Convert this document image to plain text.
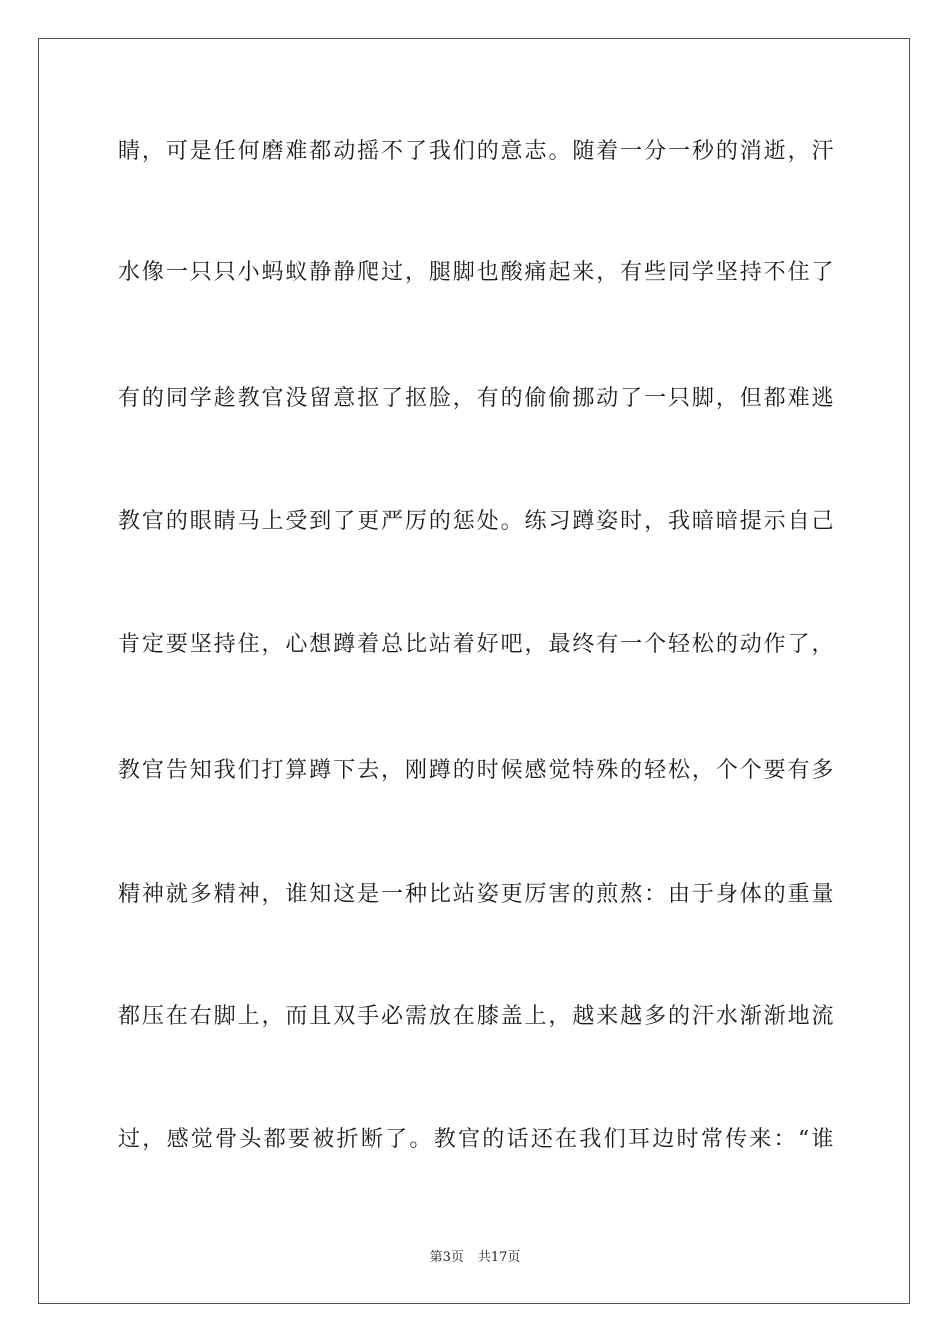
睛，可是任何磨难都动摇不了我们的意志。随着一分一秒的消逝，汗
水像一只只小蚂蚁静静爬过，腿脚也酸痛起来，有些同学坚持不住了
有的同学趁教官没留意抠了抠脸，有的偷偷挪动了一只脚，但都难逃
教官的眼睛马上受到了更严厉的惩处。练习蹲姿时，我暗暗提示自己
肯定要坚持住，心想蹲着总比站着好吧，最终有一个轻松的动作了，
教官告知我们打算蹲下去，刚蹲的时候感觉特殊的轻松，个个要有多
精神就多精神，谁知这是一种比站姿更厉害的煎熬：由于身体的重量
都压在右脚上，而且双手必需放在膝盖上，越来越多的汗水渐渐地流
过，感觉骨头都要被折断了。教官的话还在我们耳边时常传来：“谁
第3页 共17页
